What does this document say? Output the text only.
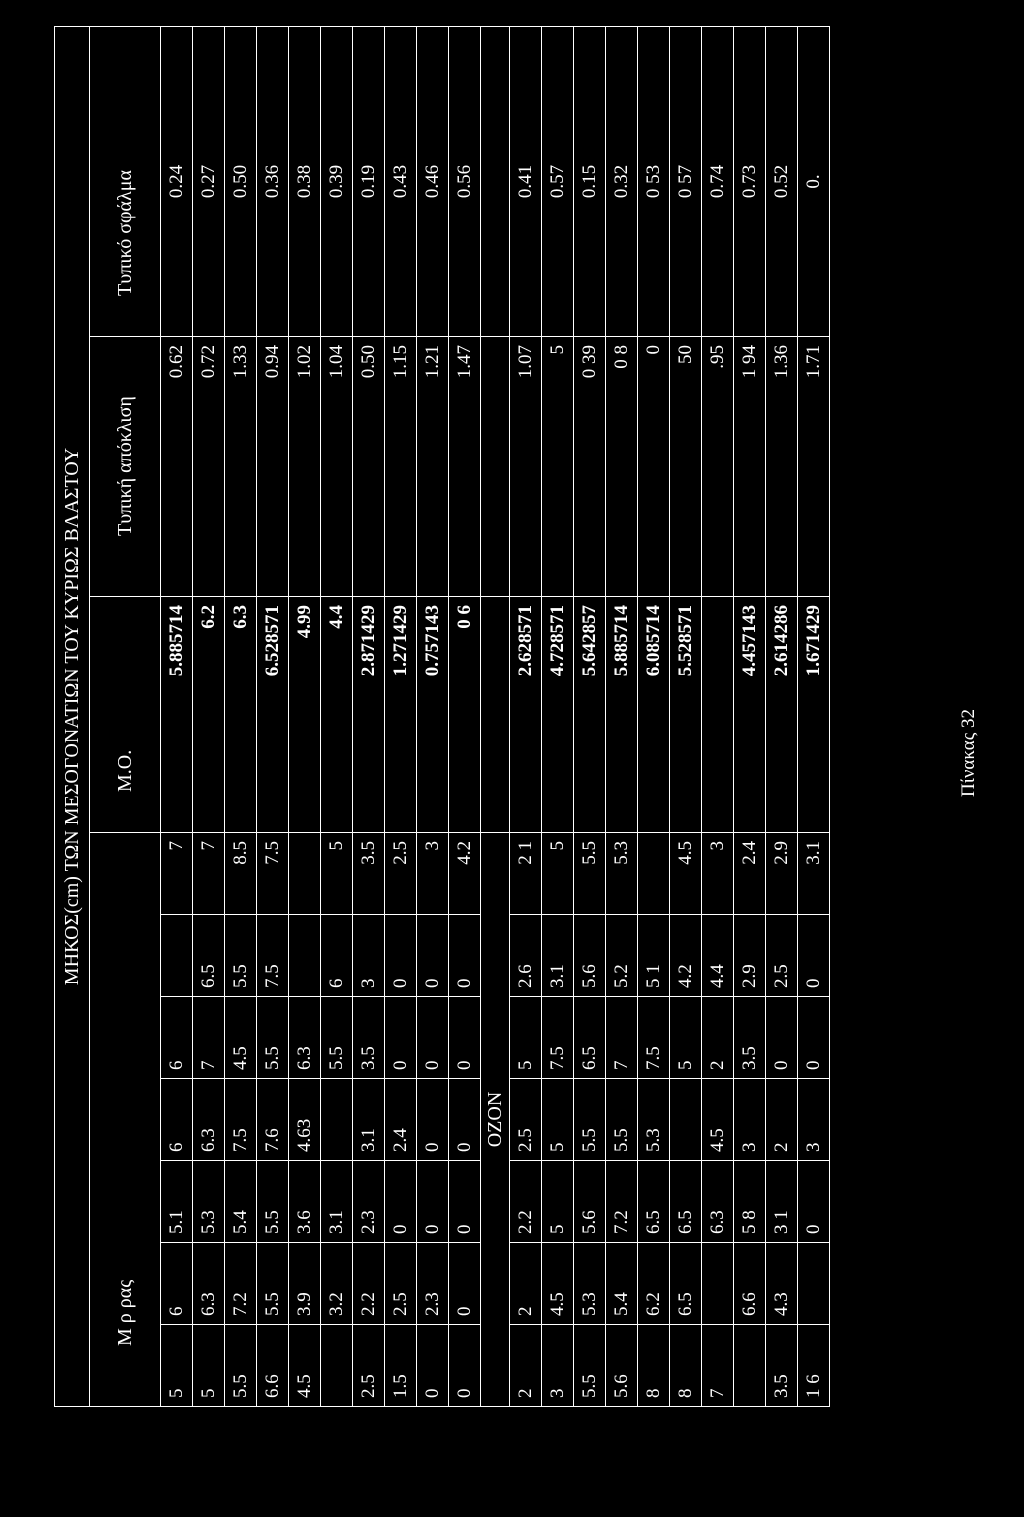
Πίνακας 32
ΜΗΚΟΣ(cm) ΤΩΝ ΜΕΣΟΓΟΝΑΤΙΩΝ ΤΟΥ ΚΥΡΙΩΣ ΒΛΑΣΤΟΥ									
Μ ρ ρας							Μ.Ο.	Τυπική απόκλιση	Τυπικό σφάλμα
5	6	5.1	6	6		7	5.885714	0.62	0.24
5	6.3	5.3	6.3	7	6.5	7	6.2	0.72	0.27
5.5	7.2	5.4	7.5	4.5	5.5	8.5	6.3	1.33	0.50
6.6	5.5	5.5	7.6	5.5	7.5	7.5	6.528571	0.94	0.36
4.5	3.9	3.6	4.63	6.3			4.99	1.02	0.38
	3.2	3.1		5.5	6	5	4.4	1.04	0.39
2.5	2.2	2.3	3.1	3.5	3	3.5	2.871429	0.50	0.19
1.5	2.5	0	2.4	0	0	2.5	1.271429	1.15	0.43
0	2.3	0	0	0	0	3	0.757143	1.21	0.46
0	0	0	0	0	0	4.2	0 6	1.47	0.56
ΟΖΟΝ									
2	2	2.2	2.5	5	2.6	2 1	2.628571	1.07	0.41
3	4.5	5	5	7.5	3.1	5	4.728571	5	0.57
5.5	5.3	5.6	5.5	6.5	5.6	5.5	5.642857	0 39	0.15
5.6	5.4	7.2	5.5	7	5.2	5.3	5.885714	0 8	0.32
8	6.2	6.5	5.3	7.5	5 1		6.085714	0	0 53
8	6.5	6.5		5	4.2	4.5	5.528571	50	0 57
7		6.3	4.5	2	4.4	3		.95	0.74
	6.6	5 8	3	3.5	2.9	2.4	4.457143	1 94	0.73
3.5	4.3	3 1	2	0	2.5	2.9	2.614286	1.36	0.52
1 6		0	3	0	0	3.1	1.671429	1.71	0.
